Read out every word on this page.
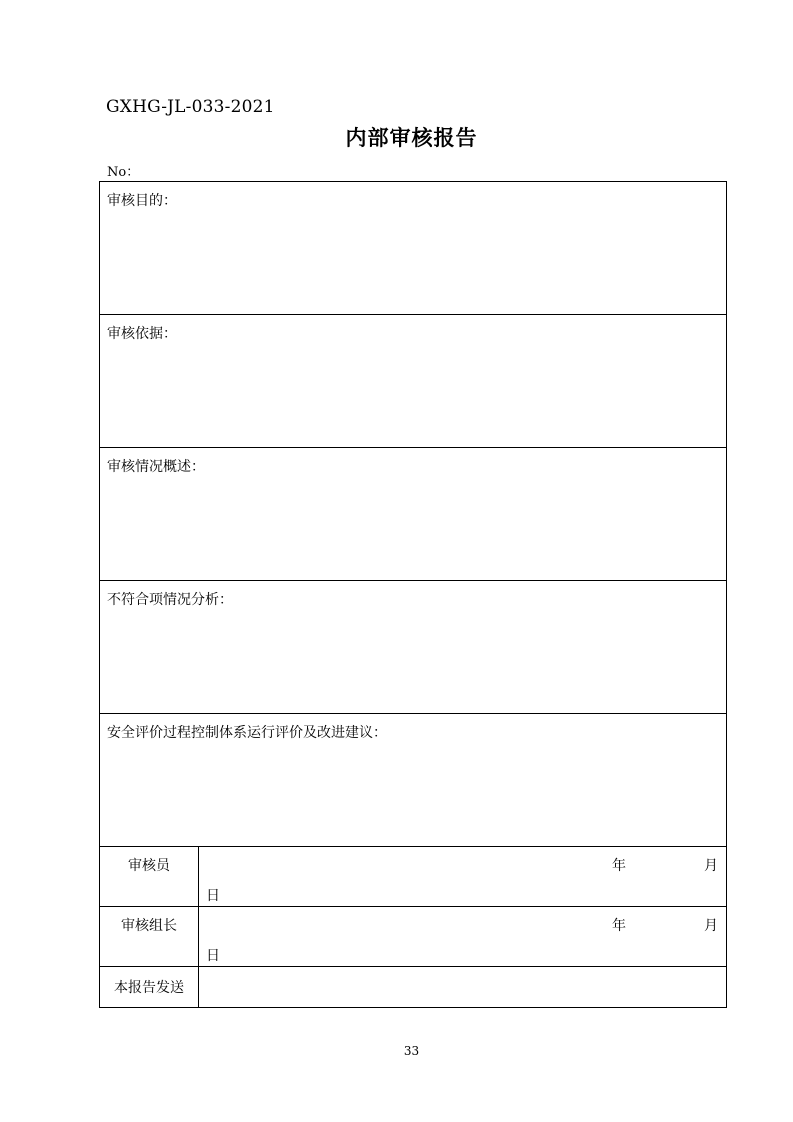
GXHG-JL-033-2021
内部审核报告
No：
审核目的：	

审核依据：	

审核情况概述：	

不符合项情况分析：	

安全评价过程控制体系运行评价及改进建议：	

审核员	年 月
日

审核组长	年 月
日

本报告发送	
33
